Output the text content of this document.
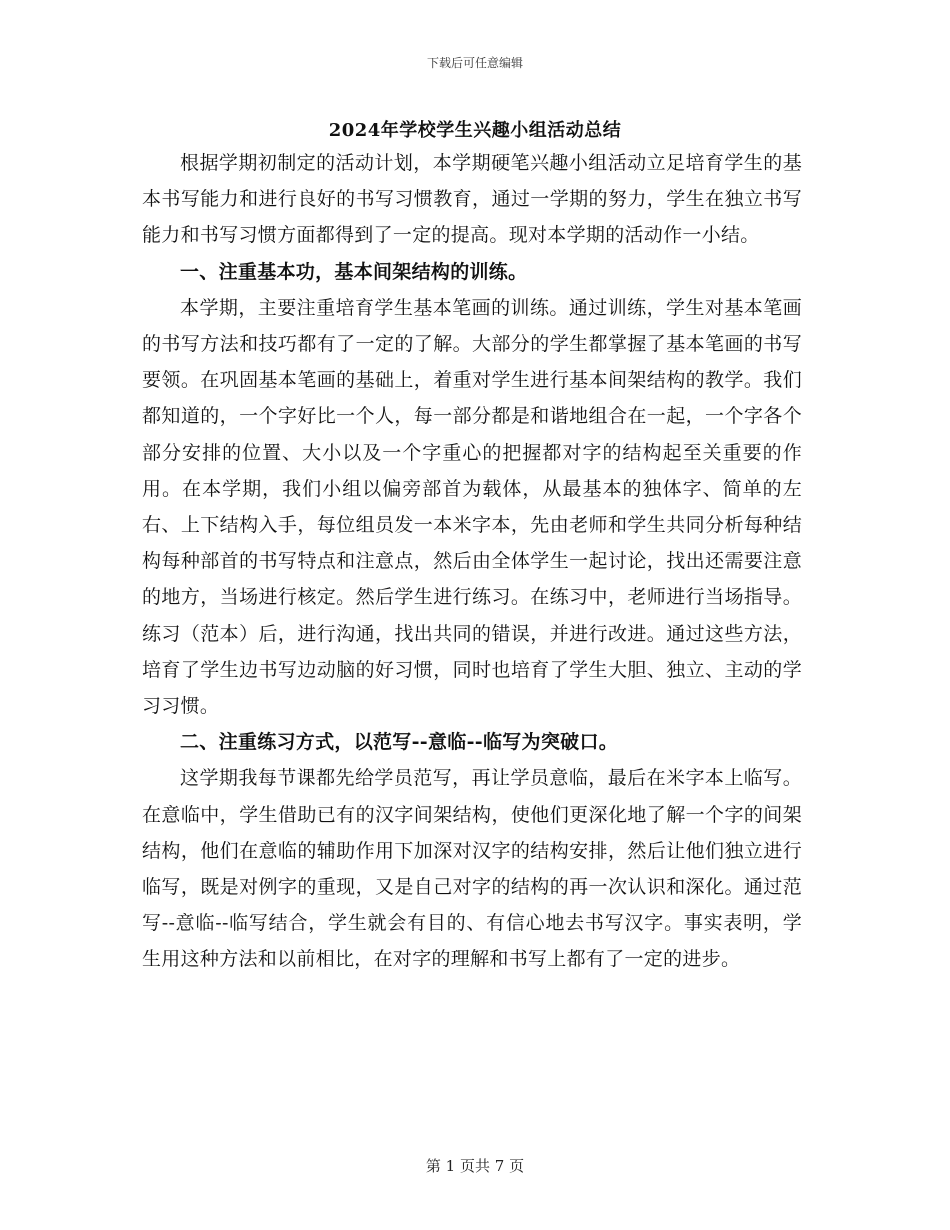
下载后可任意编辑
2024年学校学生兴趣小组活动总结

根据学期初制定的活动计划，本学期硬笔兴趣小组活动立足培育学生的基本书写能力和进行良好的书写习惯教育，通过一学期的努力，学生在独立书写能力和书写习惯方面都得到了一定的提高。现对本学期的活动作一小结。

一、注重基本功，基本间架结构的训练。

本学期，主要注重培育学生基本笔画的训练。通过训练，学生对基本笔画的书写方法和技巧都有了一定的了解。大部分的学生都掌握了基本笔画的书写要领。在巩固基本笔画的基础上，着重对学生进行基本间架结构的教学。我们都知道的，一个字好比一个人，每一部分都是和谐地组合在一起，一个字各个部分安排的位置、大小以及一个字重心的把握都对字的结构起至关重要的作用。在本学期，我们小组以偏旁部首为载体，从最基本的独体字、简单的左右、上下结构入手，每位组员发一本米字本，先由老师和学生共同分析每种结构每种部首的书写特点和注意点，然后由全体学生一起讨论，找出还需要注意的地方，当场进行核定。然后学生进行练习。在练习中，老师进行当场指导。练习（范本）后，进行沟通，找出共同的错误，并进行改进。通过这些方法，培育了学生边书写边动脑的好习惯，同时也培育了学生大胆、独立、主动的学习习惯。

二、注重练习方式，以范写--意临--临写为突破口。

这学期我每节课都先给学员范写，再让学员意临，最后在米字本上临写。在意临中，学生借助已有的汉字间架结构，使他们更深化地了解一个字的间架结构，他们在意临的辅助作用下加深对汉字的结构安排，然后让他们独立进行临写，既是对例字的重现，又是自己对字的结构的再一次认识和深化。通过范写--意临--临写结合，学生就会有目的、有信心地去书写汉字。事实表明，学生用这种方法和以前相比，在对字的理解和书写上都有了一定的进步。

第 1 页共 7 页
